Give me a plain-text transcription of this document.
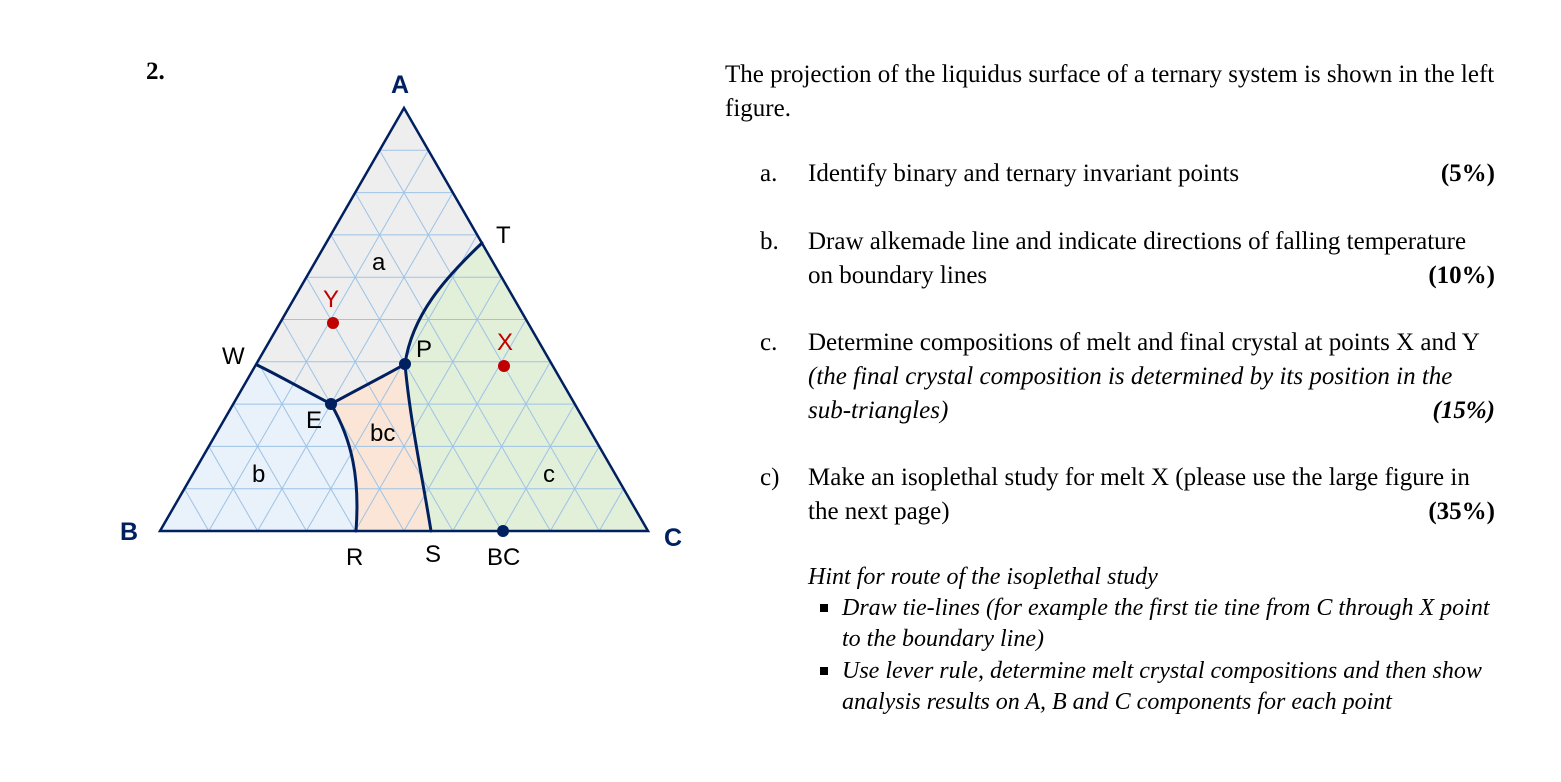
2.	A
B	C
T
W	P
E
R	S BC
X
Y
a
b
bc
c

The projection of the liquidus surface of a ternary system is shown in the left figure.

a. Identify binary and ternary invariant points	(5%)
b. Draw alkemade line and indicate directions of falling temperature on boundary lines	(10%)
c. Determine compositions of melt and final crystal at points X and Y (the final crystal composition is determined by its position in the sub-triangles)	(15%)
c) Make an isoplethal study for melt X (please use the large figure in the next page)	(35%)
Hint for route of the isoplethal study
Draw tie-lines (for example the first tie tine from C through X point to the boundary line)
Use lever rule, determine melt crystal compositions and then show analysis results on A, B and C components for each point
